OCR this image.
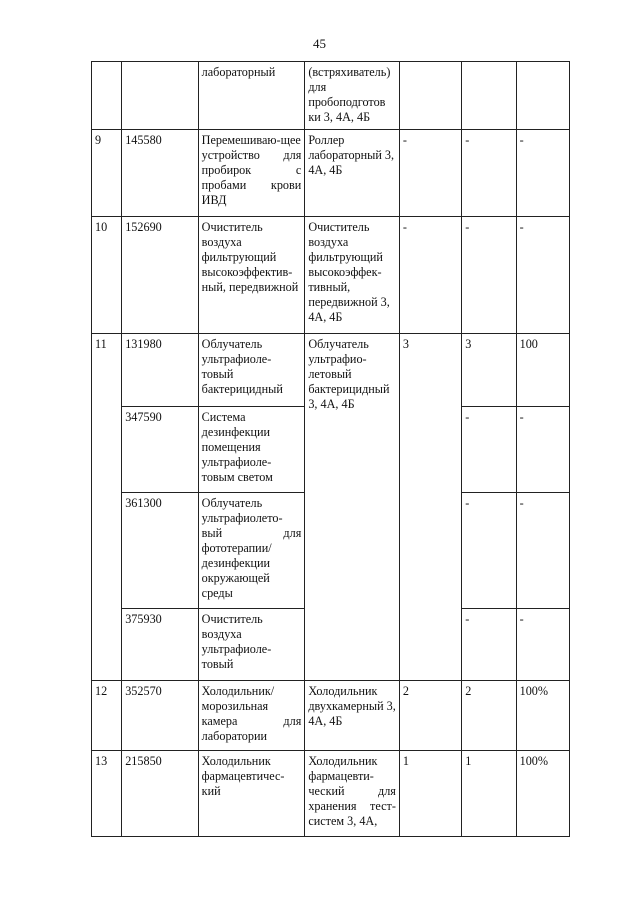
45
		лабораторный	(встряхиватель) для пробоподготов ки 3, 4А, 4Б			
9	145580	Перемешиваю-щее устройство для пробирок с пробами крови ИВД	Роллер лабораторный 3, 4А, 4Б	-	-	-
10	152690	Очиститель воздуха фильтрующий высокоэффектив-ный, передвижной	Очиститель воздуха фильтрующий высокоэффек-тивный, передвижной 3, 4А, 4Б	-	-	-
11	131980	Облучатель ультрафиоле-товый бактерицидный	Облучатель ультрафио-летовый бактерицидный 3, 4А, 4Б	3	3	100
	347590	Система дезинфекции помещения ультрафиоле-товым светом			-	-
	361300	Облучатель ультрафиолето-вый для фототерапии/ дезинфекции окружающей среды			-	-
	375930	Очиститель воздуха ультрафиоле-товый			-	-
12	352570	Холодильник/ морозильная камера для лаборатории	Холодильник двухкамерный 3, 4А, 4Б	2	2	100%
13	215850	Холодильник фармацевтичес-кий	Холодильник фармацевти-ческий для хранения тест-систем 3, 4А,	1	1	100%
